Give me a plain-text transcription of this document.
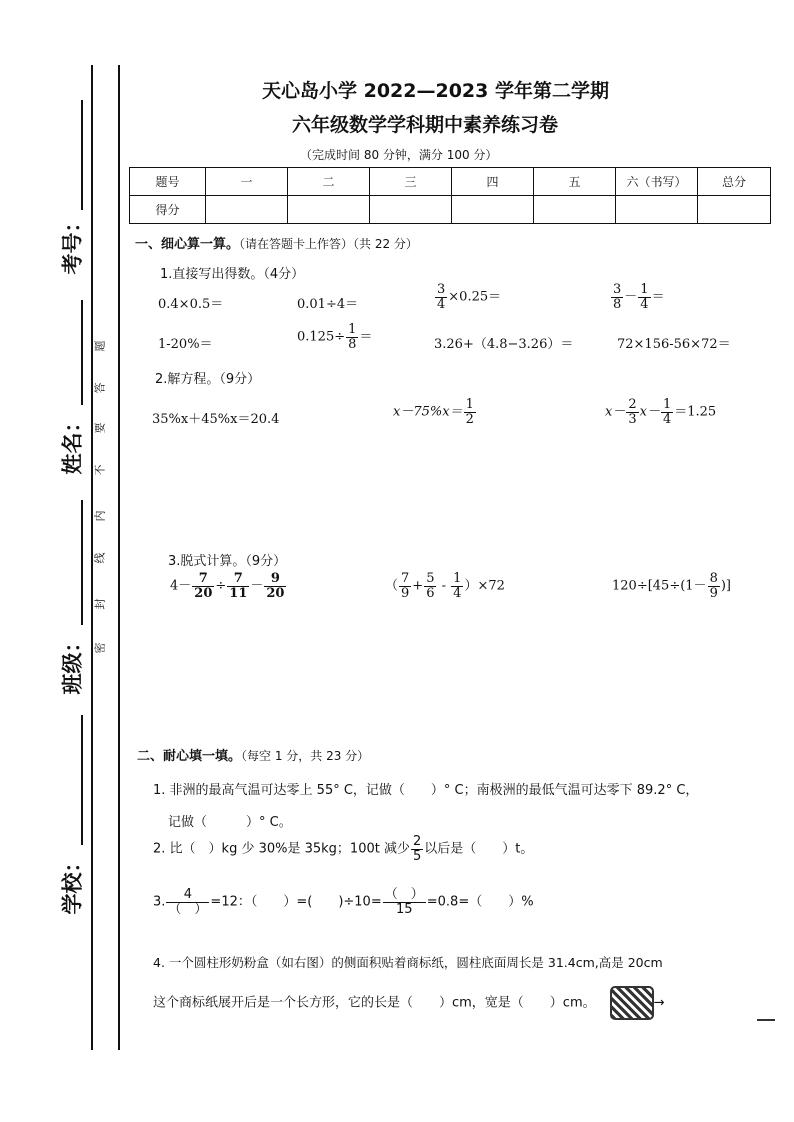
考号：
姓名：
班级：
学校：
题
答
要
不
内
线
封
密
天心岛小学 2022—2023 学年第二学期
六年级数学学科期中素养练习卷
（完成时间 80 分钟，满分 100 分）
题号	一	二	三	四	五	六（书写）	总分
得分							
一、细心算一算。（请在答题卡上作答）（共 22 分）
1.直接写出得数。（4分）
0.4×0.5＝	0.01÷4＝	$\frac{3}{4} \times 0.25=$	$\frac{3}{8} - \frac{1}{4}$ ＝
1-20%＝	$0.125\div \frac{1}{8}$ ＝	3.26+（4.8−3.26）＝	72×156-56×72＝
2.解方程。（9分）
35%x＋45%x＝20.4	$x-75\%x= \frac{1}{2}$	$x- \frac{2}{3} x- \frac{1}{4} =1.25$
3.脱式计算。（9分）
$4- \frac{7}{20} \div \frac{7}{11} - \frac{9}{20}$	（ $\frac{7}{9} + \frac{5}{6} - \frac{1}{4} )\times 72$	$120\div[45\div(1- \frac{8}{9}$ )]
二、耐心填一填。（每空 1 分，共 23 分）
1. 非洲的最高气温可达零上 55° C，记做（　　）° C；南极洲的最低气温可达零下 89.2° C，
记做（　　　）° C。
2. 比（　）kg 少 30%是 35kg；100t 减少 $\frac{2}{5}$ 以后是（　　）t。
3. $\frac{4}{( )} =12$：（　　）=(　　)$\div 10= \frac{( )}{15} =0.8=$（　　）%
4. 一个圆柱形奶粉盒（如右图）的侧面积贴着商标纸，圆柱底面周长是 31.4cm,高是 20cm
这个商标纸展开后是一个长方形，它的长是（　　）cm，宽是（　　）cm。	→
